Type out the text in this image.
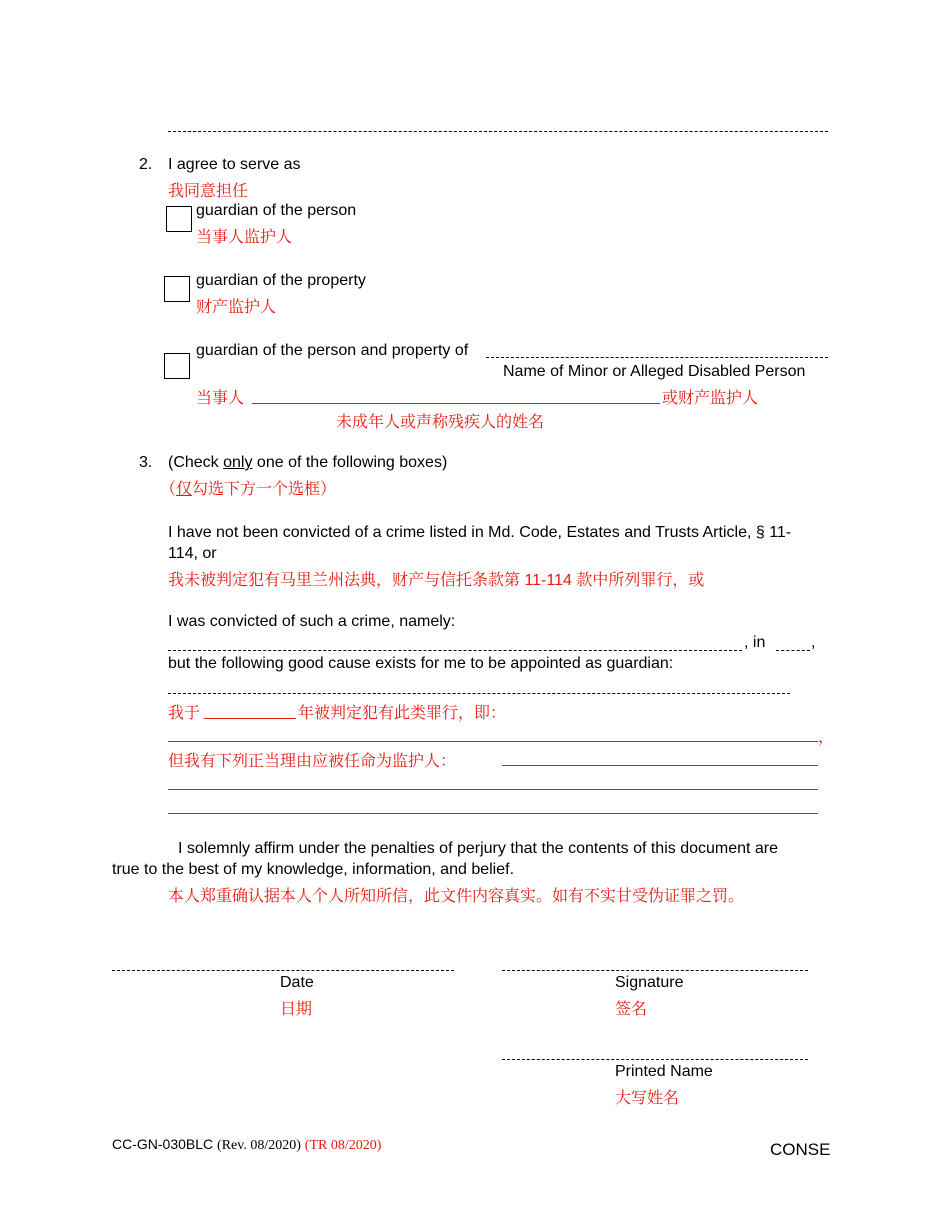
2. I agree to serve as
我同意担任
guardian of the person
当事人监护人
guardian of the property
财产监护人
guardian of the person and property of
Name of Minor or Alleged Disabled Person
当事人	或财产监护人
未成年人或声称残疾人的姓名
3. (Check only one of the following boxes)
（仅勾选下方一个选框）
I have not been convicted of a crime listed in Md. Code, Estates and Trusts Article, § 11-
114, or
我未被判定犯有马里兰州法典，财产与信托条款第 11-114 款中所列罪行，或
I was convicted of such a crime, namely:
, in	,
but the following good cause exists for me to be appointed as guardian:
我于	年被判定犯有此类罪行，即：
，
但我有下列正当理由应被任命为监护人：
I solemnly affirm under the penalties of perjury that the contents of this document are
true to the best of my knowledge, information, and belief.
本人郑重确认据本人个人所知所信，此文件内容真实。如有不实甘受伪证罪之罚。
Date
日期
Signature
签名
Printed Name
大写姓名
CC-GN-030BLC (Rev. 08/2020) (TR 08/2020)	CONSE
